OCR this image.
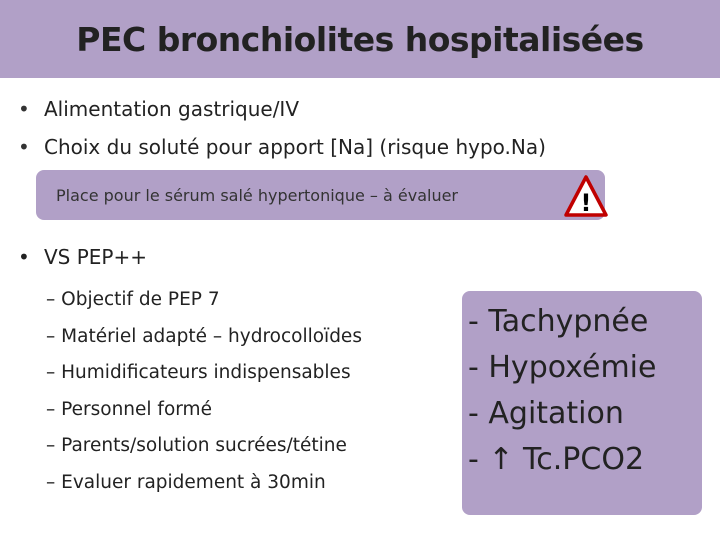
PEC bronchiolites hospitalisées
• Alimentation gastrique/IV
• Choix du soluté pour apport [Na] (risque hypo.Na)
Place pour le sérum salé hypertonique – à évaluer	!
• VS PEP++
– Objectif de PEP 7
– Matériel adapté – hydrocolloïdes
– Humidificateurs indispensables
– Personnel formé
– Parents/solution sucrées/tétine
– Evaluer rapidement à 30min
- Tachypnée
- Hypoxémie
- Agitation
- ↑ Tc.PCO2
